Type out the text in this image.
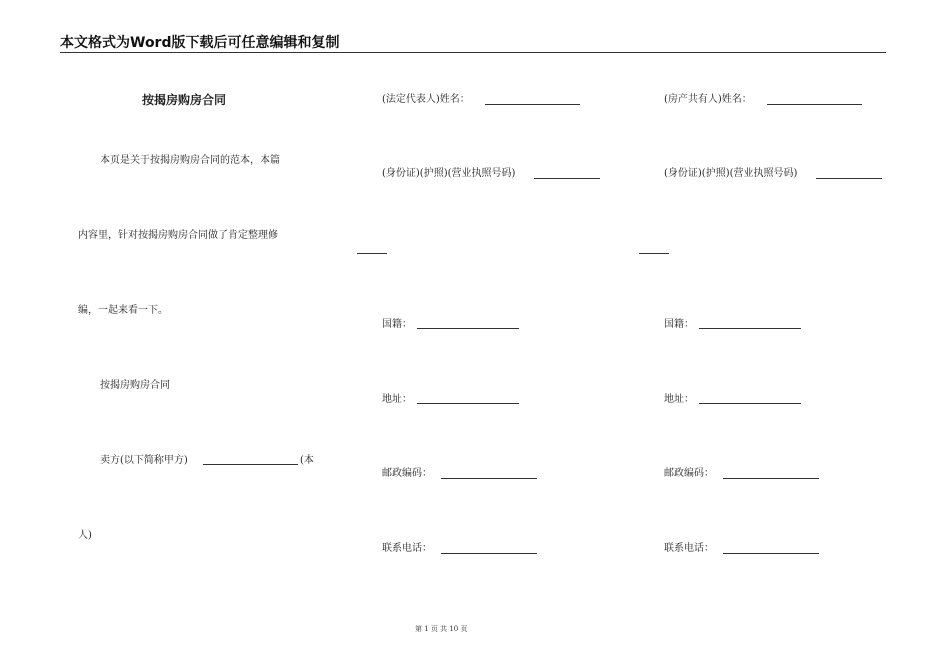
本文格式为Word版下载后可任意编辑和复制
按揭房购房合同
本页是关于按揭房购房合同的范本，本篇
内容里，针对按揭房购房合同做了肯定整理修
编，一起来看一下。
按揭房购房合同
卖方(以下简称甲方)	(本
人)
(法定代表人)姓名：
(身份证)(护照)(营业执照号码)
国籍：
地址：
邮政编码：
联系电话：
(房产共有人)姓名：
(身份证)(护照)(营业执照号码)
国籍：
地址：
邮政编码：
联系电话：
第 1 页 共 10 页
